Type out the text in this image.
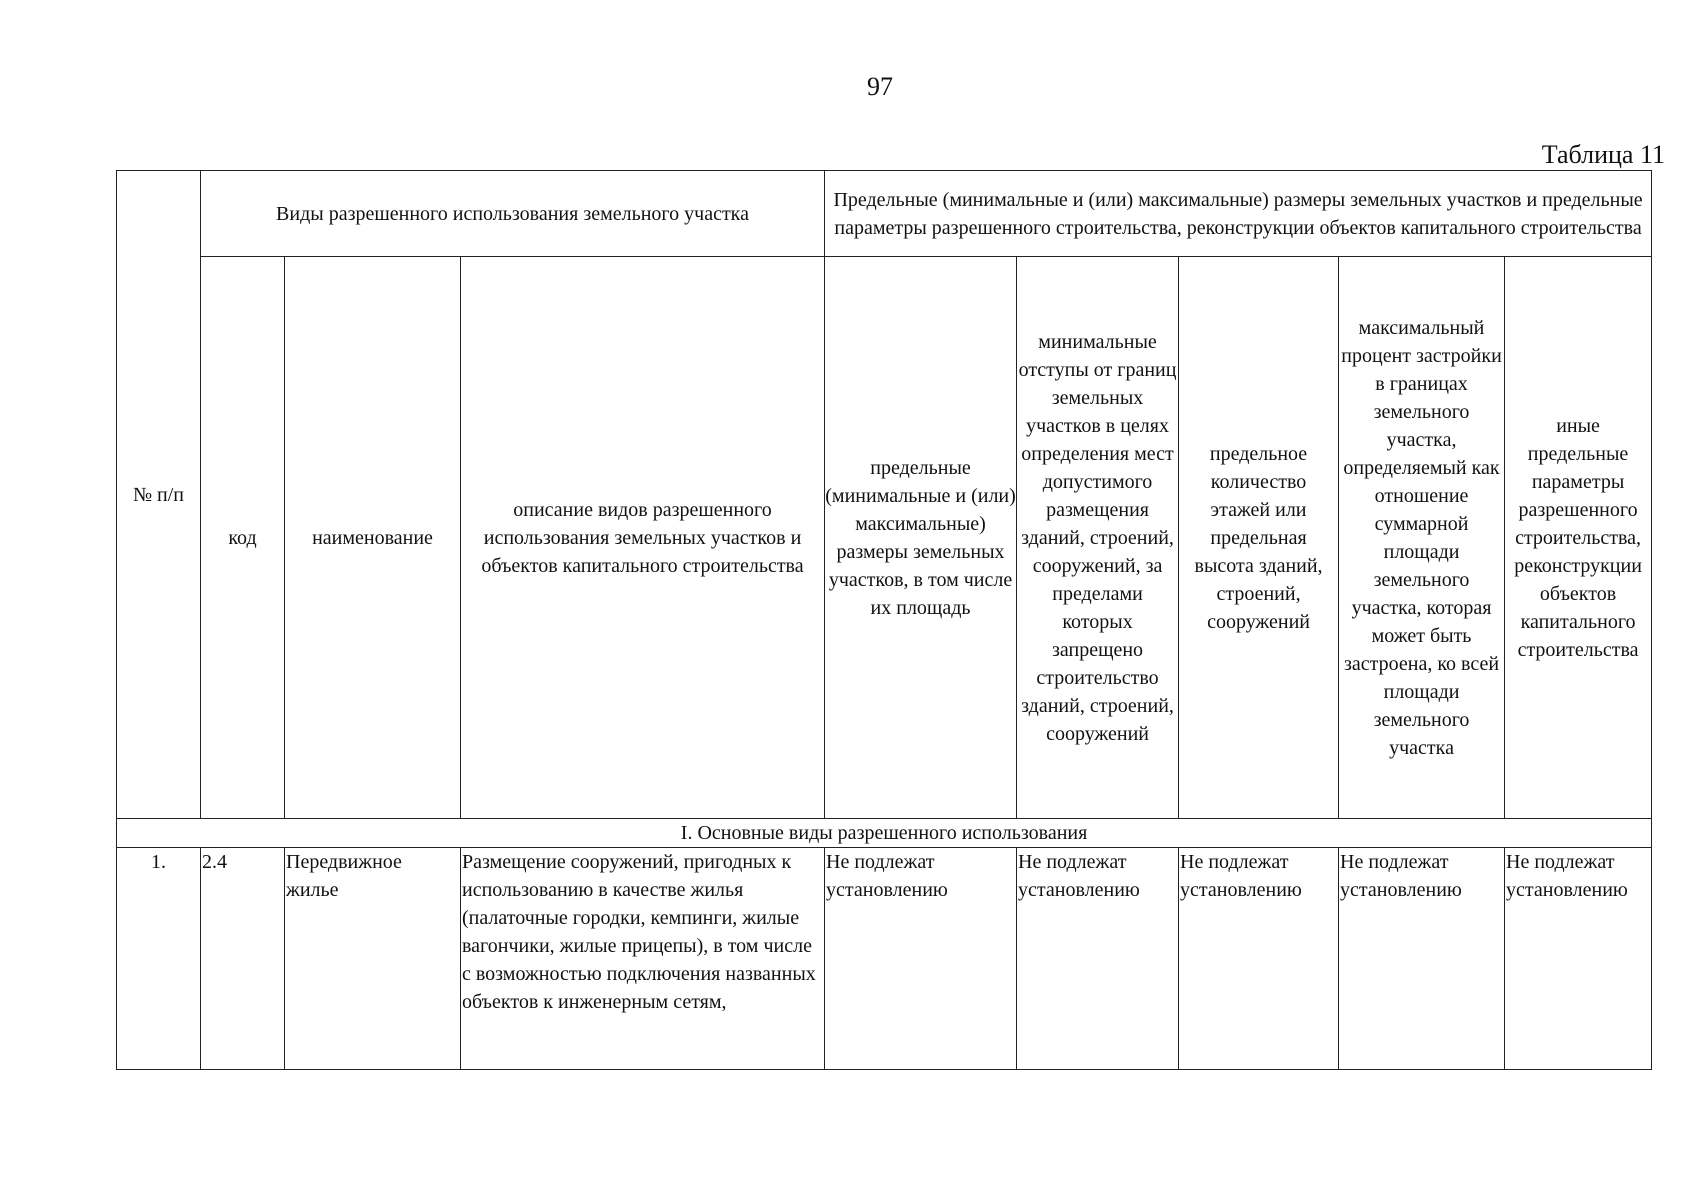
97
Таблица 11
№ п/п	Виды разрешенного использования земельного участка			Предельные (минимальные и (или) максимальные) размеры земельных участков и предельные параметры разрешенного строительства, реконструкции объектов капитального строительства				
	код	наименование	описание видов разрешенного использования земельных участков и объектов капитального строительства	предельные (минимальные и (или) максимальные) размеры земельных участков, в том числе их площадь	минимальные отступы от границ земельных участков в целях определения мест допустимого размещения зданий, строений, сооружений, за пределами которых запрещено строительство зданий, строений, сооружений	предельное количество этажей или предельная высота зданий, строений, сооружений	максимальный процент застройки в границах земельного участка, определяемый как отношение суммарной площади земельного участка, которая может быть застроена, ко всей площади земельного участка	иные предельные параметры разрешенного строительства, реконструкции объектов капитального строительства
I. Основные виды разрешенного использования								
1.	2.4	Передвижное жилье	Размещение сооружений, пригодных к использованию в качестве жилья (палаточные городки, кемпинги, жилые вагончики, жилые прицепы), в том числе с возможностью подключения названных объектов к инженерным сетям,	Не подлежат установлению	Не подлежат установлению	Не подлежат установлению	Не подлежат установлению	Не подлежат установлению
